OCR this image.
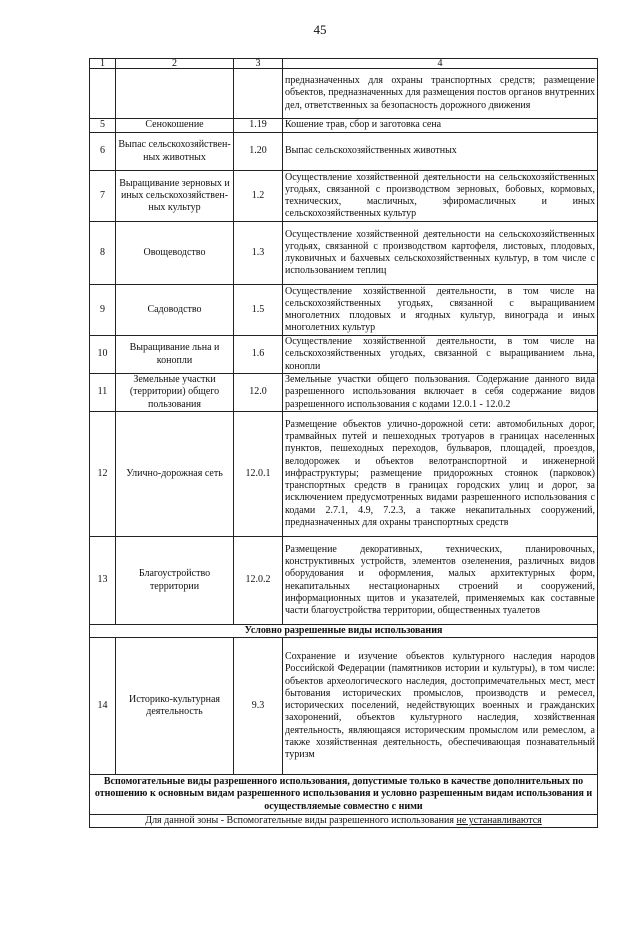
45
1	2	3	4
			предназначенных для охраны транспортных средств; размещение объектов, предназначенных для размещения постов органов внутренних дел, ответственных за безопасность дорожного движения
5	Сенокошение	1.19	Кошение трав, сбор и заготовка сена
6	Выпас сельскохозяйствен-ных животных	1.20	Выпас сельскохозяйственных животных
7	Выращивание зерновых и иных сельскохозяйствен-ных культур	1.2	Осуществление хозяйственной деятельности на сельскохозяйственных угодьях, связанной с производством зерновых, бобовых, кормовых, технических, масличных, эфиромасличных и иных сельскохозяйственных культур
8	Овощеводство	1.3	Осуществление хозяйственной деятельности на сельскохозяйственных угодьях, связанной с производством картофеля, листовых, плодовых, луковичных и бахчевых сельскохозяйственных культур, в том числе с использованием теплиц
9	Садоводство	1.5	Осуществление хозяйственной деятельности, в том числе на сельскохозяйственных угодьях, связанной с выращиванием многолетних плодовых и ягодных культур, винограда и иных многолетних культур
10	Выращивание льна и конопли	1.6	Осуществление хозяйственной деятельности, в том числе на сельскохозяйственных угодьях, связанной с выращиванием льна, конопли
11	Земельные участки (территории) общего пользования	12.0	Земельные участки общего пользования. Содержание данного вида разрешенного использования включает в себя содержание видов разрешенного использования с кодами 12.0.1 - 12.0.2
12	Улично-дорожная сеть	12.0.1	Размещение объектов улично-дорожной сети: автомобильных дорог, трамвайных путей и пешеходных тротуаров в границах населенных пунктов, пешеходных переходов, бульваров, площадей, проездов, велодорожек и объектов велотранспортной и инженерной инфраструктуры; размещение придорожных стоянок (парковок) транспортных средств в границах городских улиц и дорог, за исключением предусмотренных видами разрешенного использования с кодами 2.7.1, 4.9, 7.2.3, а также некапитальных сооружений, предназначенных для охраны транспортных средств
13	Благоустройство территории	12.0.2	Размещение декоративных, технических, планировочных, конструктивных устройств, элементов озеленения, различных видов оборудования и оформления, малых архитектурных форм, некапитальных нестационарных строений и сооружений, информационных щитов и указателей, применяемых как составные части благоустройства территории, общественных туалетов
Условно разрешенные виды использования			
14	Историко-культурная деятельность	9.3	Сохранение и изучение объектов культурного наследия народов Российской Федерации (памятников истории и культуры), в том числе: объектов археологического наследия, достопримечательных мест, мест бытования исторических промыслов, производств и ремесел, исторических поселений, недействующих военных и гражданских захоронений, объектов культурного наследия, хозяйственная деятельность, являющаяся историческим промыслом или ремеслом, а также хозяйственная деятельность, обеспечивающая познавательный туризм
Вспомогательные виды разрешенного использования, допустимые только в качестве дополнительных по отношению к основным видам разрешенного использования и условно разрешенным видам использования и осуществляемые совместно с ними			
Для данной зоны - Вспомогательные виды разрешенного использования не устанавливаются			
